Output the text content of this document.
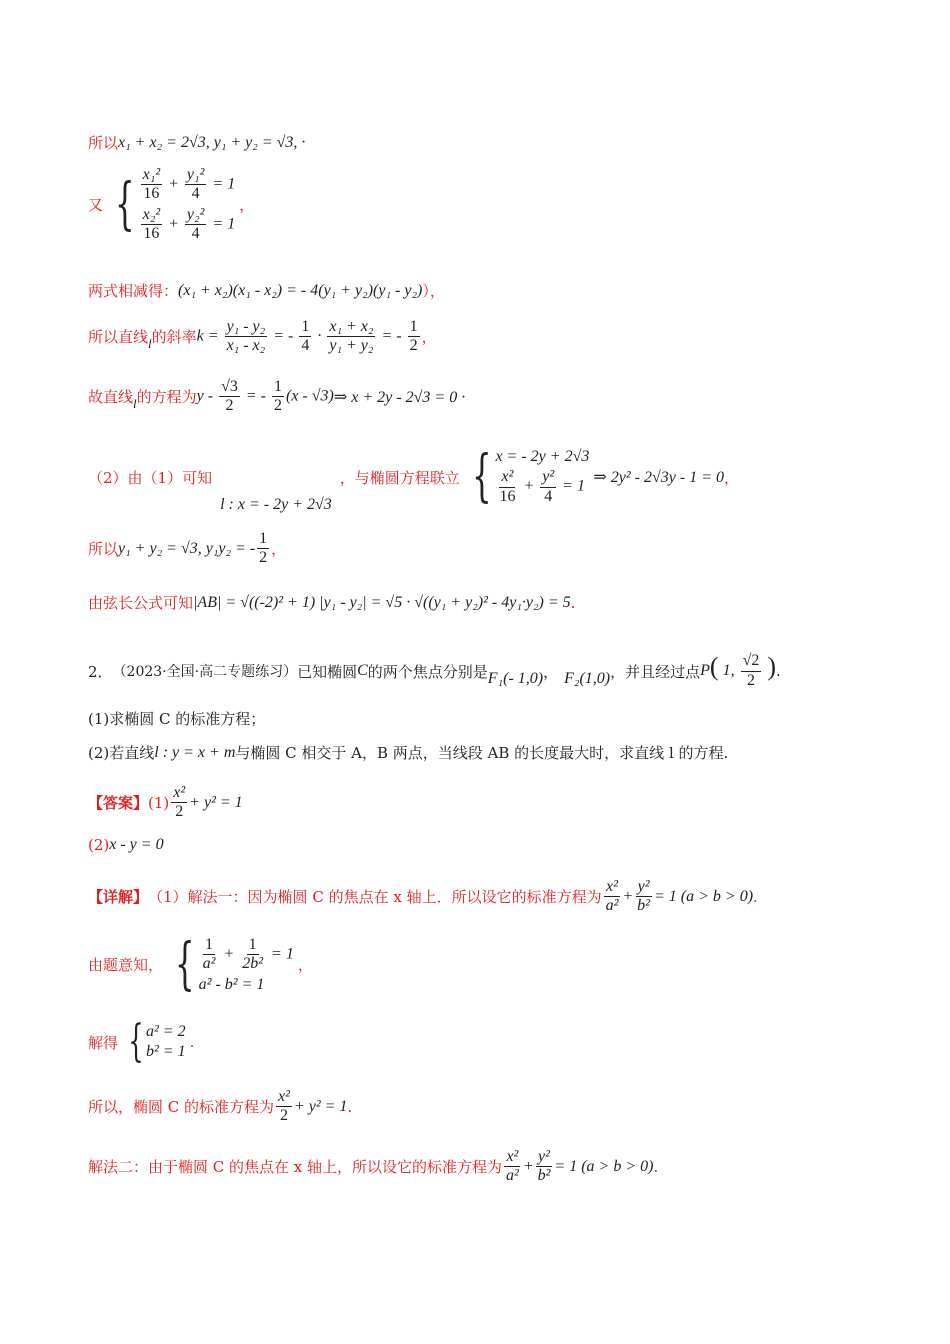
所以 x₁ + x₂ = 2√3, y₁ + y₂ = √3, ·
又 { $\frac{\text{x₁²}}{16} + \frac{\text{y₁²}}{4} = 1$
$\frac{\text{x₂²}}{16} + \frac{\text{y₂²}}{4} = 1$
，
两式相减得： (x₁ + x₂)(x₁ - x₂) = - 4(y₁ + y₂)(y₁ - y₂) ），
所以直线 l 的斜率 $k = \frac{\text{y₁ - y₂}}{\text{x₁ - x₂}}$ = - $\frac{1}{4} \cdot \frac{\text{x₁ + x₂}}{\text{y₁ + y₂}}$ = - $\frac{1}{2}$ ，
故直线 l 的方程为 y - $\frac{√3}{2}$ = - $\frac{1}{2} (x - √3)$ ⇒ x + 2y - 2√3 = 0 ·
（2）由（1）可知
l : x = - 2y + 2√3
，与椭圆方程联立 { x = - 2y + 2√3
$\frac{\text{x²}}{16} + \frac{\text{y²}}{4} = 1$
⇒ 2y² - 2√3y - 1 = 0 ，
所以 y₁ + y₂ = √3, y₁y₂ = - $\frac{1}{2}$ ，
由弦长公式可知 |AB| = √((-2)² + 1) |y₁ - y₂| = √5 · √((y₁ + y₂)² - 4y₁·y₂) = 5 .
2． （2023·全国·高二专题练习） 已知椭圆 C 的两个焦点分别是 F₁(- 1,0) ， F₂(1,0) ，并且经过点 P ( 1, $\frac{√2}{2}$ ) .
(1)求椭圆 C 的标准方程；
(2)若直线 l : y = x + m 与椭圆 C 相交于 A，B 两点，当线段 AB 的长度最大时，求直线 l 的方程.
【答案】 $(1) \frac{\text{x²}}{2} + y^2 = 1$
(2) x - y = 0
【详解】 （1）解法一：因为椭圆 C 的焦点在 x 轴上．所以设它的标准方程为 $\frac{\text{x²}}{\text{a²}} + \frac{\text{y²}}{\text{b²}} = 1$ (a > b > 0) .
由题意知， { $\frac{1}{\text{a²}} + \frac{1}{\text{2b²}} = 1$
a² - b² = 1
，
解得 { a² = 2
b² = 1
.
所以，椭圆 C 的标准方程为 $\frac{\text{x²}}{2} + y^2 = 1$ .
解法二：由于椭圆 C 的焦点在 x 轴上，所以设它的标准方程为 $\frac{\text{x²}}{\text{a²}} + \frac{\text{y²}}{\text{b²}} = 1$ (a > b > 0) .
